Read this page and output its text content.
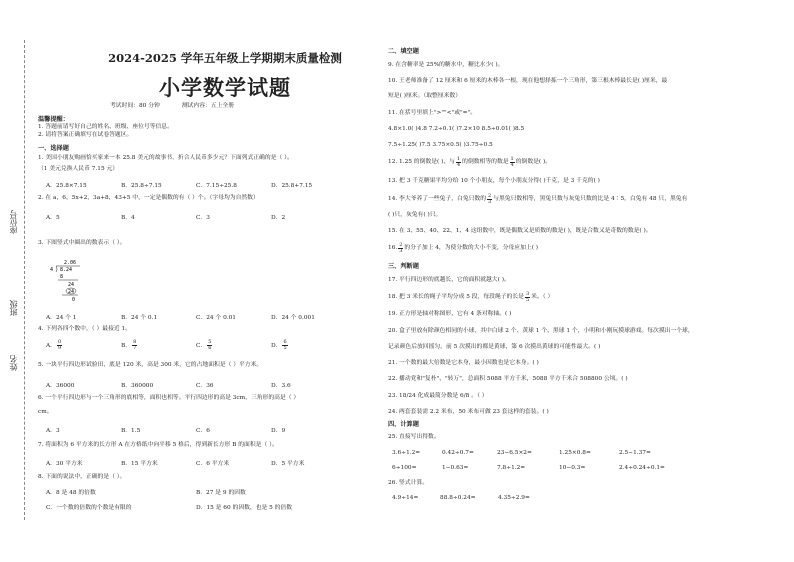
座位号
班级
姓名
2024-2025 学年五年级上学期期末质量检测
小学数学试题
考试时间：80 分钟	测试内容：五上全册
温馨提醒：
1. 答题前请写好自己的姓名、班级、座位号等信息。
2. 请将答案正确填写在试卷答题区。
一、选择题
1. 美国小朋友购画恰买家来一本 25.8 美元的故事书，折合人民币多少元？下面列式正确的是（ ）。
（1 美元兑换人民币 7.15 元）
A．25.8×7.15	B．25.8÷7.15	C．7.15÷25.8	D．25.8+7.15
2. 在 a，6，5x+2，3a+8，43+5 中，一定是偶数的有（ ）个。（字母均为自然数）
A．5	B．4	C．3	D．2
3. 下图竖式中圈出的数表示（ ）。
2.06
4 8.24
8
24
24
0
A．24 个 1	B．24 个 0.1	C．24 个 0.01	D．24 个 0.001
4. 下列各四个数中，（ ）最接近 1。
A． $\frac{0}{9}$	B． $\frac{8}{7}$	C． $\frac{5}{6}$	D． $\frac{6}{5}$
5. 一块平行四边形试验田，底是 120 米，高是 300 米，它的占地面积是（ ）平方米。
A．36000	B．360000	C．36	D．3.6
6. 一个平行四边形与一个三角形的底相等，面积也相等。平行四边形的高是 3cm，三角形的高是（ ）
cm。
A．3	B．1.5	C．6	D．9
7. 将面积为 6 平方米的长方形 A 在方格纸中向平移 5 格后，得到新长方形 B 的面积是（ ）。
A．30 平方米	B．15 平方米	C．6 平方米	D．5 平方米
8. 下面的说法中，正确的是（ ）。
A．8 是 48 的倍数	B．27 是 9 的因数
C．一个数的倍数的个数是有限的	D．15 是 60 的因数，也是 5 的倍数
二、填空题
9. 在含糖率是 25%的糖水中，糖比水少( )。
10. 王老师准备了 12 厘米和 6 厘米的木棒各一根，现在他想择拣一个三角形，第三根木棒最长是( )厘米，最
短是( )厘米。（取整厘米数）
11. 在括号里填上">""<"或"="。
4.8×1.0( )4.8 7.2÷0.1( )7.2×10 8.5÷0.01( )8.5
7.5÷1.25( )7.5 3.75×0.5( )3.75÷0.5
12. 1.25 的倒数是( )，与 $\frac{1}{4}$ 的倒数相等的数是 $\frac{1}{4}$ 的倒数是( )。
13. 把 3 千克糖果平均分给 10 个小朋友，每个小朋友分得( )千克，是 3 千克的( )
14. 李大爷养了一些兔子，白兔只数的 $\frac{2}{3}$ 与黑兔只数相等，黑兔只数与灰兔只数的比是 4∶5，白兔有 48 只，黑兔有
( )只，灰兔有( )只。
15. 在 3、55、40、22、1、4 这组数中，既是偶数又是质数的数是( )，既是合数又是奇数的数是( )。
16. $\frac{2}{3}$ 的分子加上 4，为使分数的大小不变，分母应加上( )
三、判断题
17. 平行四边形的底越长，它的面积就越大( )。
18. 把 3 米长的绳子平均分成 5 段，每段绳子的长是 $\frac{3}{5}$ 米。（ ）
19. 正方形是轴对称图形，它有 4 条对称轴。( )
20. 盒子里放有除颜色相同的小球，其中白球 2 个、黄球 1 个、黑球 1 个，小明和小刚玩摸球游戏。每次摸出一个球，
记录颜色后放回摇匀，前 5 次摸出的都是黄球，第 6 次摸出黄球的可能性最大。( )
21. 一个数的最大倍数是它本身，最小因数也是它本身。( )
22. 播动党和"复朴"、"转万"，总面积 5088 平方千米，5088 平方千米合 508800 公顷。( )
23. 18/24 化成最简分数是 6/8 。（ ）
24. 两套套装需 2.2 米布，50 米布可做 23 套这样的套装。( )
四、计算题
25. 直接写出得数。
3.6÷1.2=	0.42÷0.7=	23−6.5×2=	1.25×0.8=	2.5−1.37=
6÷100=	1−0.63=	7.8÷1.2=	10−0.3=	2.4÷0.24÷0.1=
26. 竖式计算。
4.9÷14=	88.8÷0.24=	4.35÷2.9=
